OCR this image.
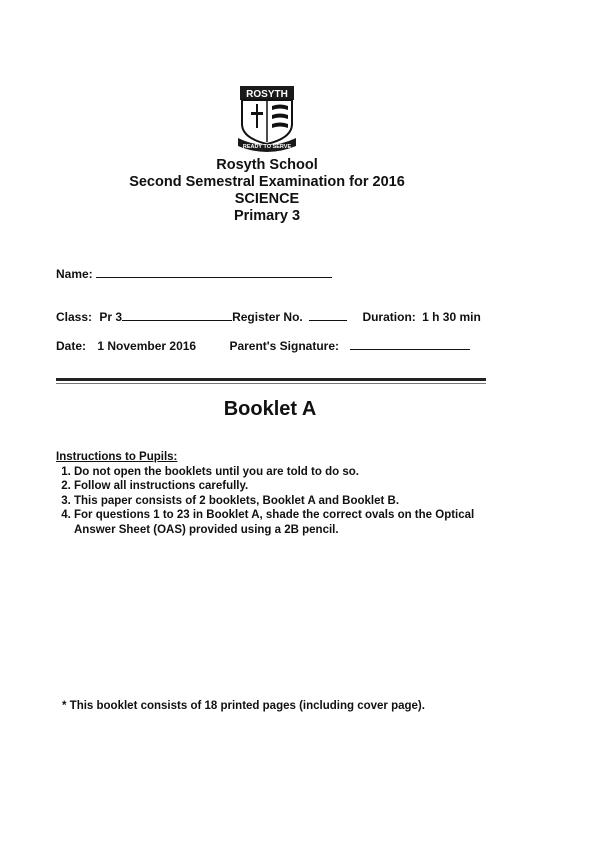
ROSYTH
READY TO SERVE
Rosyth School
Second Semestral Examination for 2016
SCIENCE
Primary 3
Name:
Class: Pr 3	Register No.	Duration: 1 h 30 min
Date: 1 November 2016	Parent's Signature:
Booklet A
Instructions to Pupils:
1. Do not open the booklets until you are told to do so.
2. Follow all instructions carefully.
3. This paper consists of 2 booklets, Booklet A and Booklet B.
4. For questions 1 to 23 in Booklet A, shade the correct ovals on the Optical Answer Sheet (OAS) provided using a 2B pencil.
* This booklet consists of 18 printed pages (including cover page).
